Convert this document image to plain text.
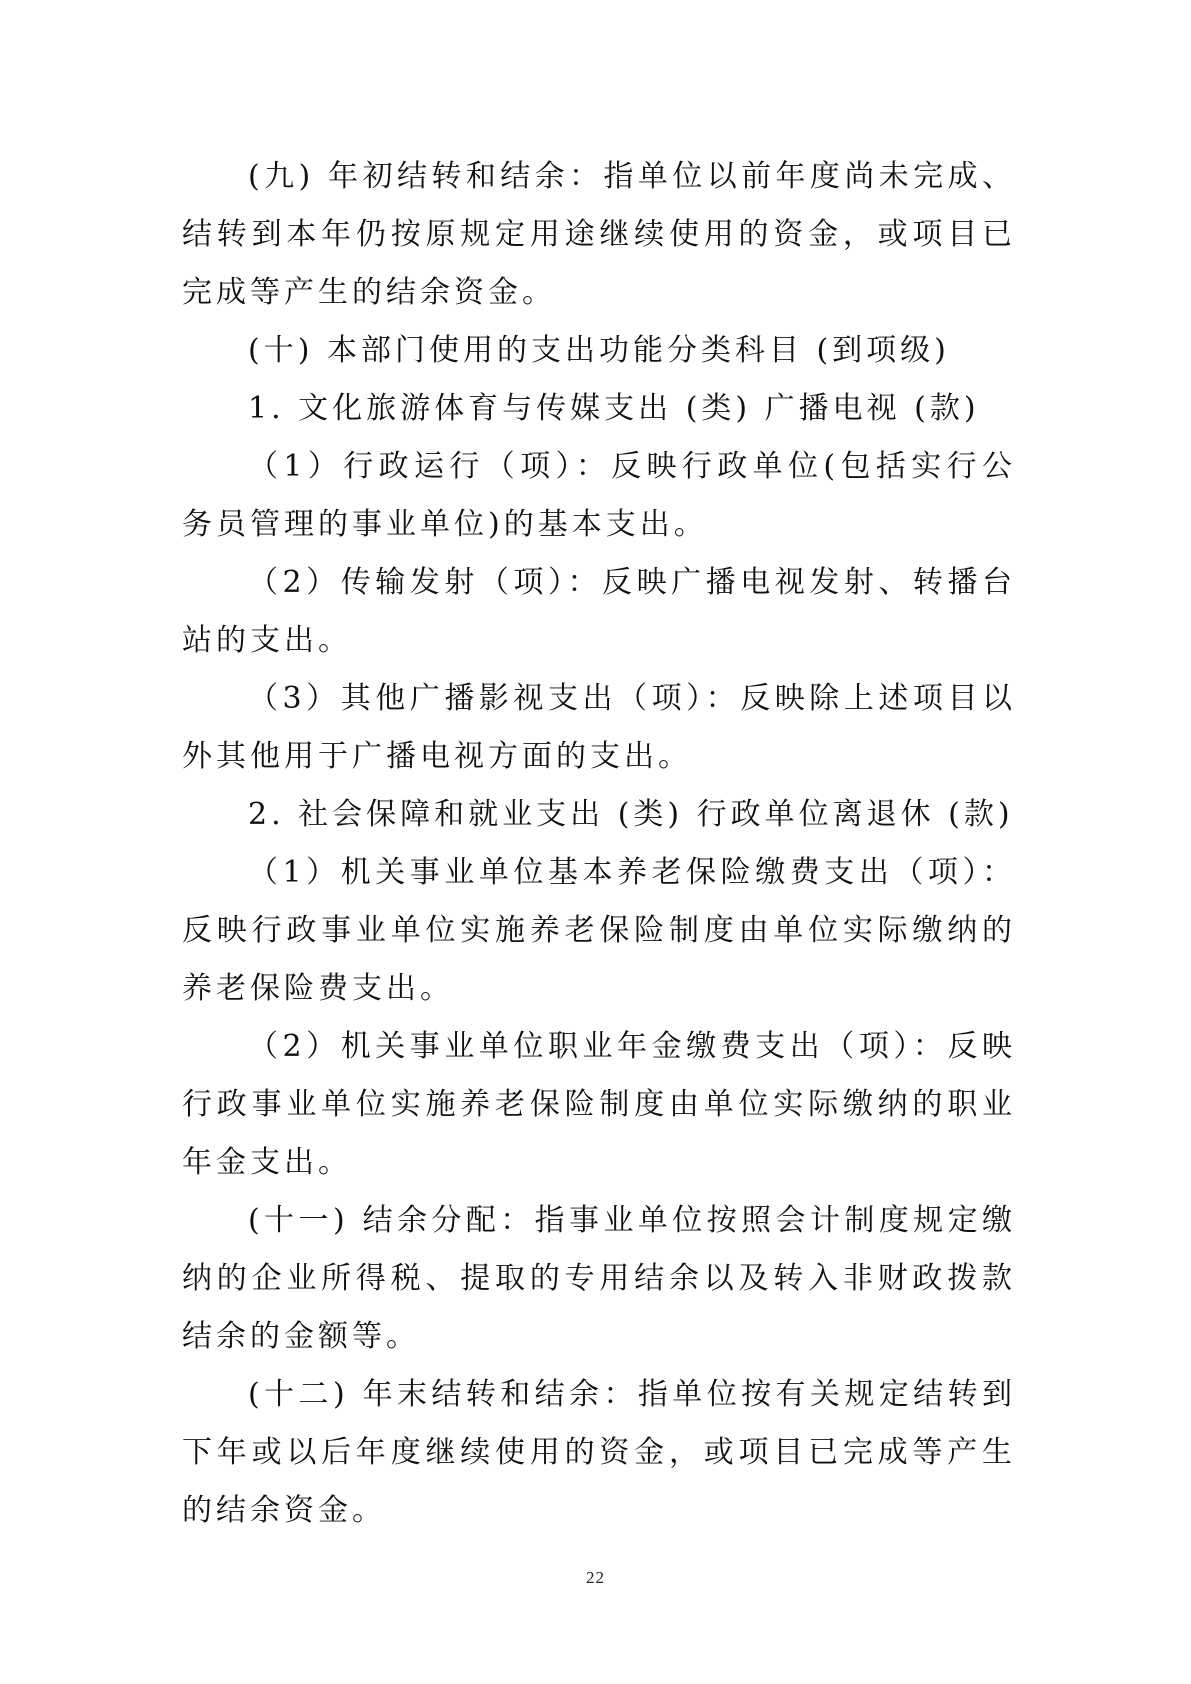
(九) 年初结转和结余：指单位以前年度尚未完成、结转到本年仍按原规定用途继续使用的资金，或项目已完成等产生的结余资金。

(十) 本部门使用的支出功能分类科目 (到项级)

1. 文化旅游体育与传媒支出 (类) 广播电视 (款)

（1）行政运行（项）：反映行政单位(包括实行公务员管理的事业单位)的基本支出。

（2）传输发射（项）：反映广播电视发射、转播台站的支出。

（3）其他广播影视支出（项）：反映除上述项目以外其他用于广播电视方面的支出。

2. 社会保障和就业支出 (类) 行政单位离退休 (款)

（1）机关事业单位基本养老保险缴费支出（项）：反映行政事业单位实施养老保险制度由单位实际缴纳的养老保险费支出。

（2）机关事业单位职业年金缴费支出（项）：反映行政事业单位实施养老保险制度由单位实际缴纳的职业年金支出。

(十一) 结余分配：指事业单位按照会计制度规定缴纳的企业所得税、提取的专用结余以及转入非财政拨款结余的金额等。

(十二) 年末结转和结余：指单位按有关规定结转到下年或以后年度继续使用的资金，或项目已完成等产生的结余资金。

22
